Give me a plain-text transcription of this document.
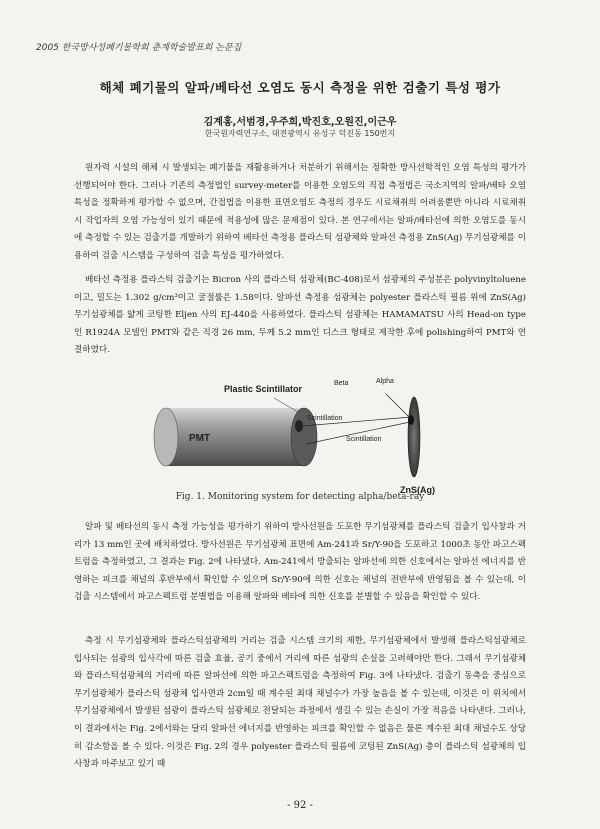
2005 한국방사성폐기물학회 춘계학술발표회 논문집
해체 폐기물의 알파/베타선 오염도 동시 측정을 위한 검출기 특성 평가
김계홍,서범경,우주희,박진호,오원진,이근우
한국원자력연구소, 대전광역시 유성구 덕진동 150번지

원자력 시설의 해체 시 발생되는 폐기물을 재활용하거나 처분하기 위해서는 정확한 방사선학적인 오염 특성의 평가가 선행되어야 한다. 그러나 기존의 측정법인 survey-meter를 이용한 오염도의 직접 측정법은 국소지역의 알파/베타 오염 특성을 정확하게 평가할 수 없으며, 간접법을 이용한 표면오염도 측정의 경우도 시료채취의 어려움뿐만 아니라 시료채취 시 작업자의 오염 가능성이 있기 때문에 적용성에 많은 문제점이 있다. 본 연구에서는 알파/베타선에 의한 오염도를 동시에 측정할 수 있는 검출기를 개발하기 위하여 베타선 측정용 플라스틱 섬광체와 알파선 측정용 ZnS(Ag) 무기섬광체를 이용하여 검출 시스템을 구성하여 검출 특성을 평가하였다.

베타선 측정용 플라스틱 검출기는 Bicron 사의 플라스틱 섬광체(BC-408)로서 섬광체의 주성분은 polyvinyltoluene이고, 밀도는 1.302 g/cm³이고 굴절률은 1.58이다. 알파선 측정용 섬광체는 polyester 플라스틱 필름 위에 ZnS(Ag) 무기섬광체를 얇게 코팅한 Eljen 사의 EJ-440을 사용하였다. 플라스틱 섬광체는 HAMAMATSU 사의 Head-on type인 R1924A 모델인 PMT와 같은 직경 26 mm, 두께 5.2 mm인 디스크 형태로 제작한 후에 polishing하여 PMT와 연결하였다.

Plastic Scintillator
PMT
Beta	Alpha
Scintillation
Scintillation
ZnS(Ag)
Fig. 1. Monitoring system for detecting alpha/beta-ray

알파 및 베타선의 동시 측정 가능성을 평가하기 위하여 방사선원을 도포한 무기섬광체를 플라스틱 검출기 입사창과 거리가 13 mm인 곳에 배치하였다. 방사선원은 무기섬광체 표면에 Am-241과 Sr/Y-90을 도포하고 1000초 동안 파고스펙트럼을 측정하였고, 그 결과는 Fig. 2에 나타냈다. Am-241에서 방출되는 알파선에 의한 신호에서는 알파선 에너지를 반영하는 피크를 채널의 후반부에서 확인할 수 있으며 Sr/Y-90에 의한 신호는 채널의 전반부에 반영됨을 볼 수 있는데, 이 검출 시스템에서 파고스펙트럼 분별법을 이용해 알파와 베타에 의한 신호를 분별할 수 있음을 확인할 수 있다.

측정 시 무기섬광체와 플라스틱섬광체의 거리는 검출 시스템 크기의 제한, 무기섬광체에서 발생해 플라스틱섬광체로 입사되는 섬광의 입사각에 따른 검출 효율, 공기 중에서 거리에 따른 섬광의 손실을 고려해야만 한다. 그래서 무기섬광체와 플라스틱섬광체의 거리에 따른 알파선에 의한 파고스펙트럼을 측정하여 Fig. 3에 나타냈다. 검출기 동축을 중심으로 무기섬광체가 플라스틱 섬광체 입사면과 2cm일 때 계수된 최대 채널수가 가장 높음을 볼 수 있는데, 이것은 이 위치에서 무기섬광체에서 발생된 섬광이 플라스틱 섬광체로 전달되는 과정에서 생길 수 있는 손실이 가장 적음을 나타낸다. 그러나, 이 결과에서는 Fig. 2에서와는 달리 알파선 에너지를 반영하는 피크를 확인할 수 없음은 물론 계수된 최대 채널수도 상당히 감소함을 볼 수 있다. 이것은 Fig. 2의 경우 polyester 플라스틱 필름에 코팅된 ZnS(Ag) 층이 플라스틱 섬광체의 입사창과 마주보고 있기 때

- 92 -
